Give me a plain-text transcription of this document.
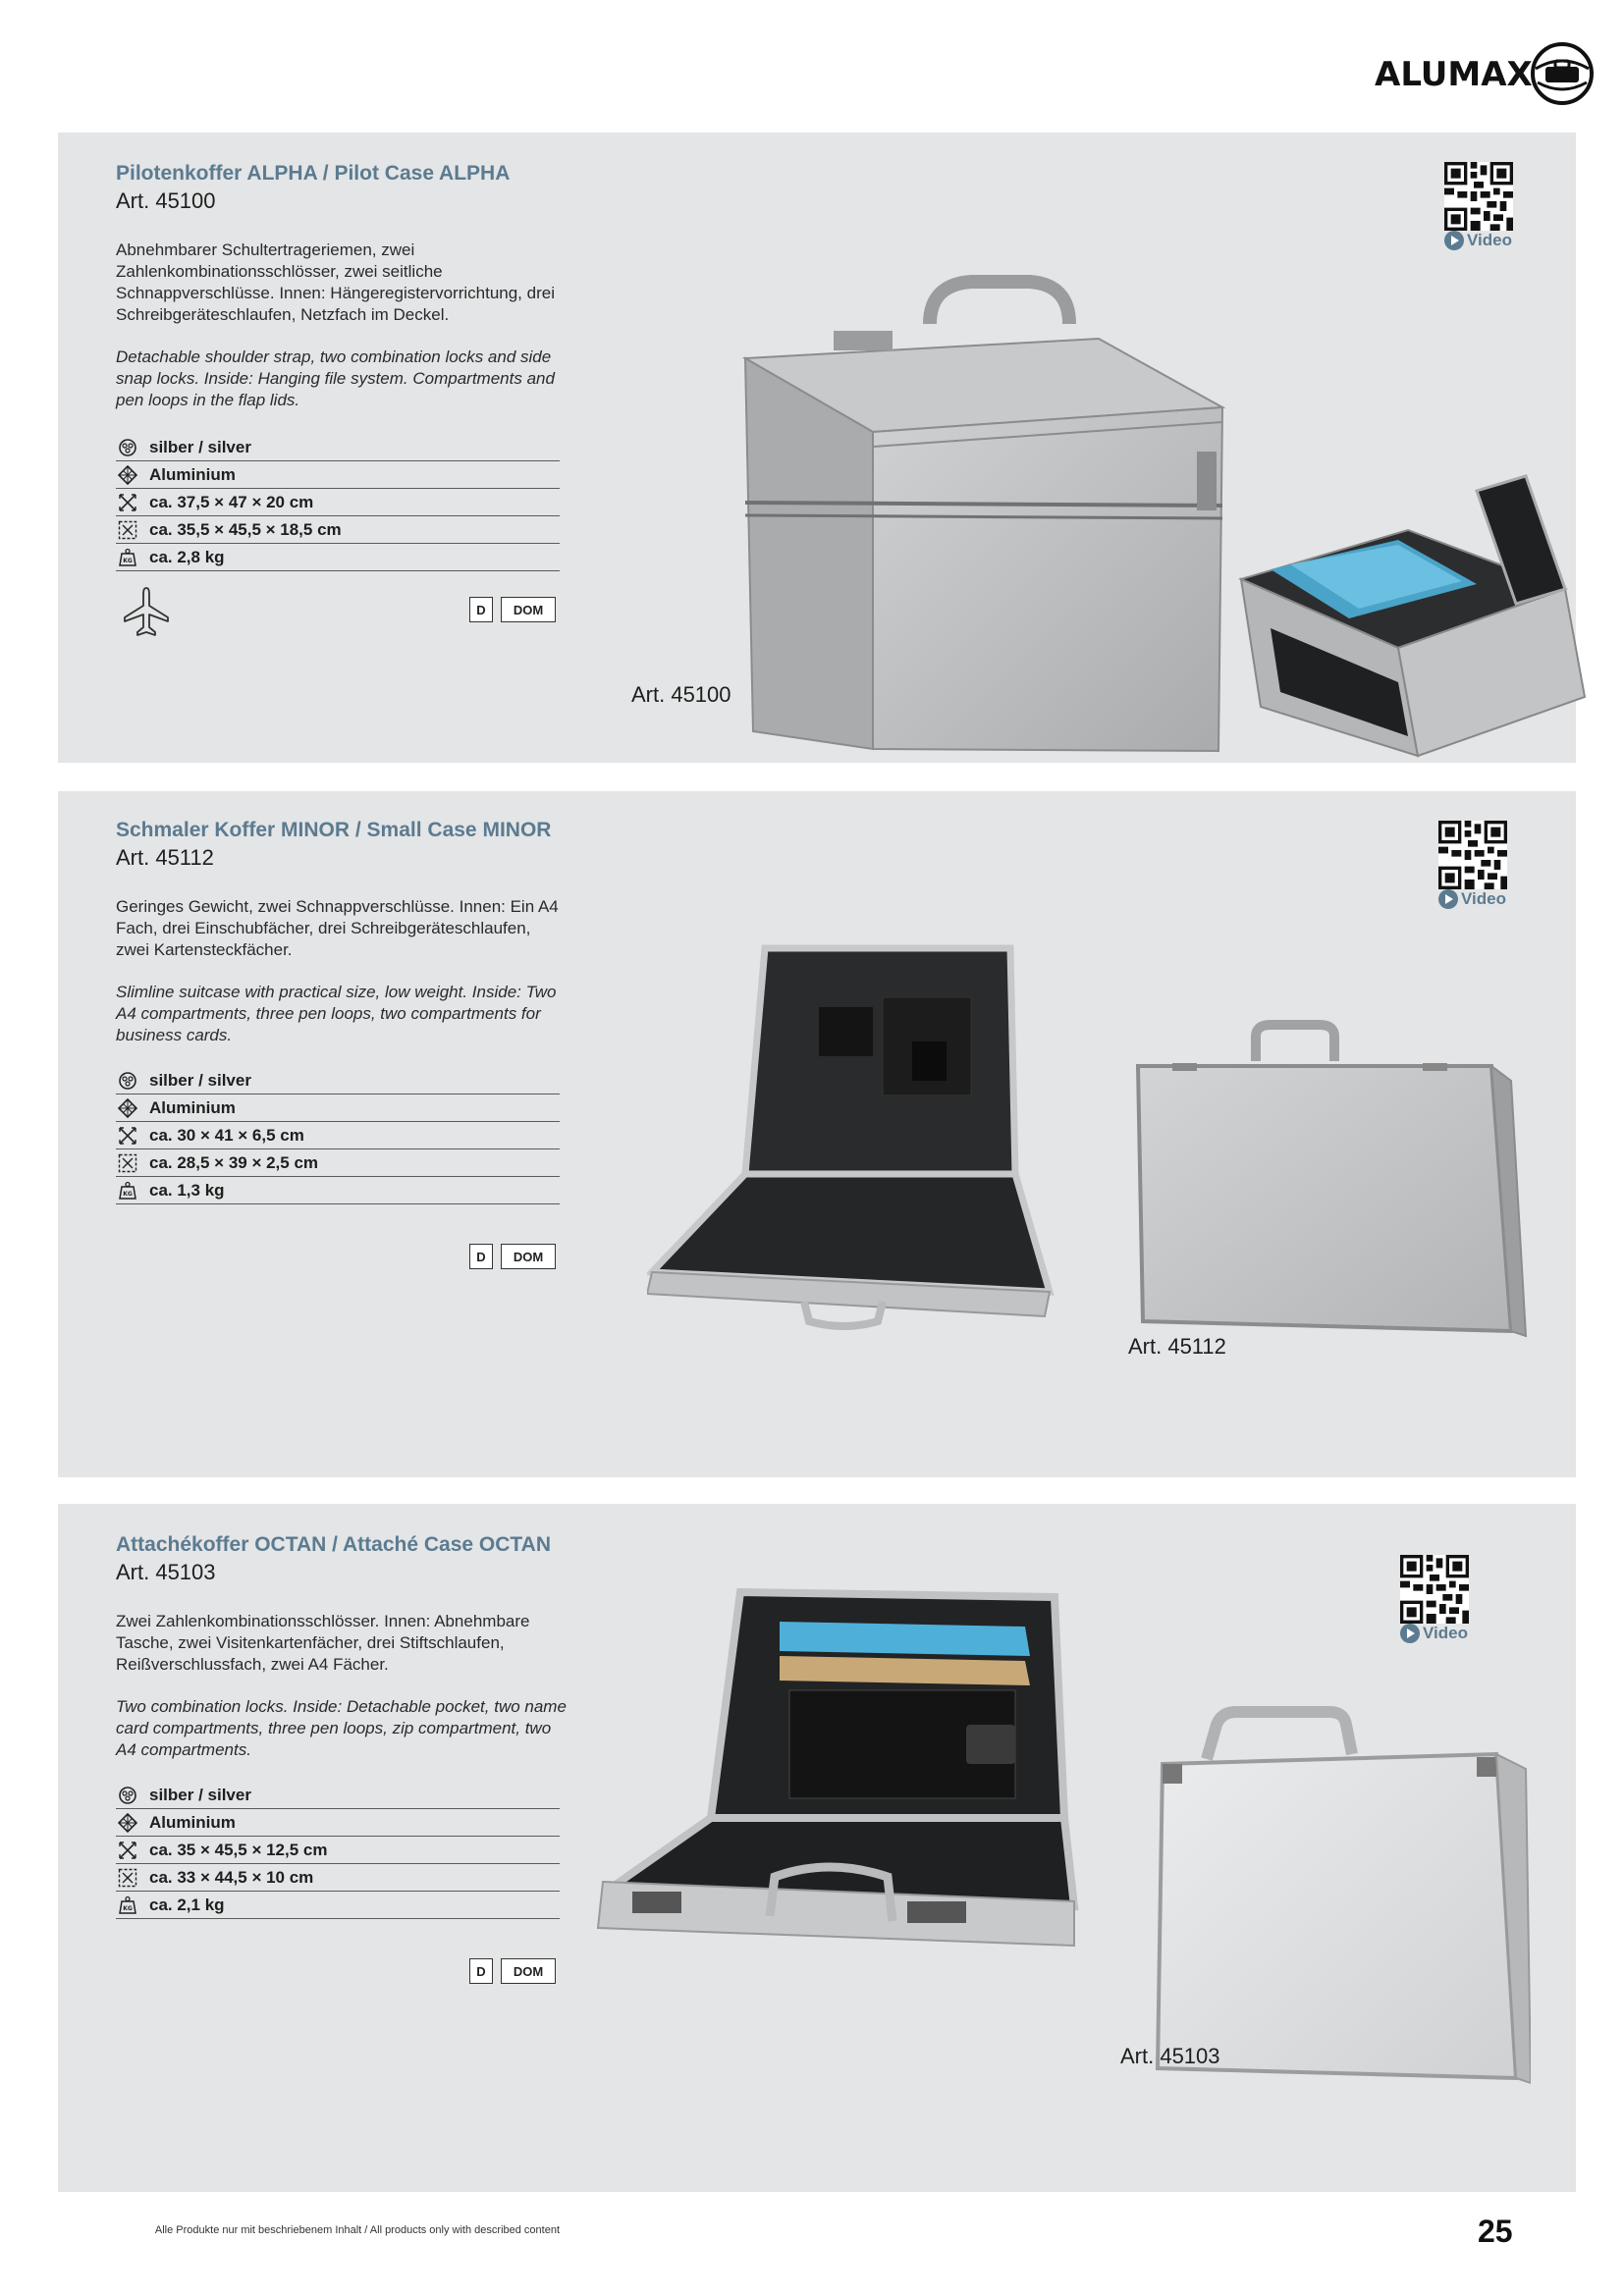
ALUMAX
Pilotenkoffer ALPHA / Pilot Case ALPHA
Art. 45100
Abnehmbarer Schultertrageriemen, zwei Zahlenkombinationsschlösser, zwei seitliche Schnappverschlüsse. Innen: Hängeregistervorrichtung, drei Schreibgeräteschlaufen, Netzfach im Deckel.
Detachable shoulder strap, two combination locks and side snap locks. Inside: Hanging file system. Compartments and pen loops in the flap lids.
silber / silver
Aluminium
ca. 37,5 × 47 × 20 cm
ca. 35,5 × 45,5 × 18,5 cm
KG ca. 2,8 kg
D	DOM
Art. 45100
Video
Schmaler Koffer MINOR / Small Case MINOR
Art. 45112
Geringes Gewicht, zwei Schnappverschlüsse. Innen: Ein A4 Fach, drei Einschubfächer, drei Schreibgeräteschlaufen, zwei Kartensteckfächer.
Slimline suitcase with practical size, low weight. Inside: Two A4 compartments, three pen loops, two compartments for business cards.
silber / silver
Aluminium
ca. 30 × 41 × 6,5 cm
ca. 28,5 × 39 × 2,5 cm
KG ca. 1,3 kg
D	DOM
Art. 45112
Video
Attachékoffer OCTAN / Attaché Case OCTAN
Art. 45103
Zwei Zahlenkombinationsschlösser. Innen: Abnehmbare Tasche, zwei Visitenkartenfächer, drei Stiftschlaufen, Reißverschlussfach, zwei A4 Fächer.
Two combination locks. Inside: Detachable pocket, two name card compartments, three pen loops, zip compartment, two A4 compartments.
silber / silver
Aluminium
ca. 35 × 45,5 × 12,5 cm
ca. 33 × 44,5 × 10 cm
KG ca. 2,1 kg
D	DOM
Art. 45103
Video
Alle Produkte nur mit beschriebenem Inhalt / All products only with described content	25
